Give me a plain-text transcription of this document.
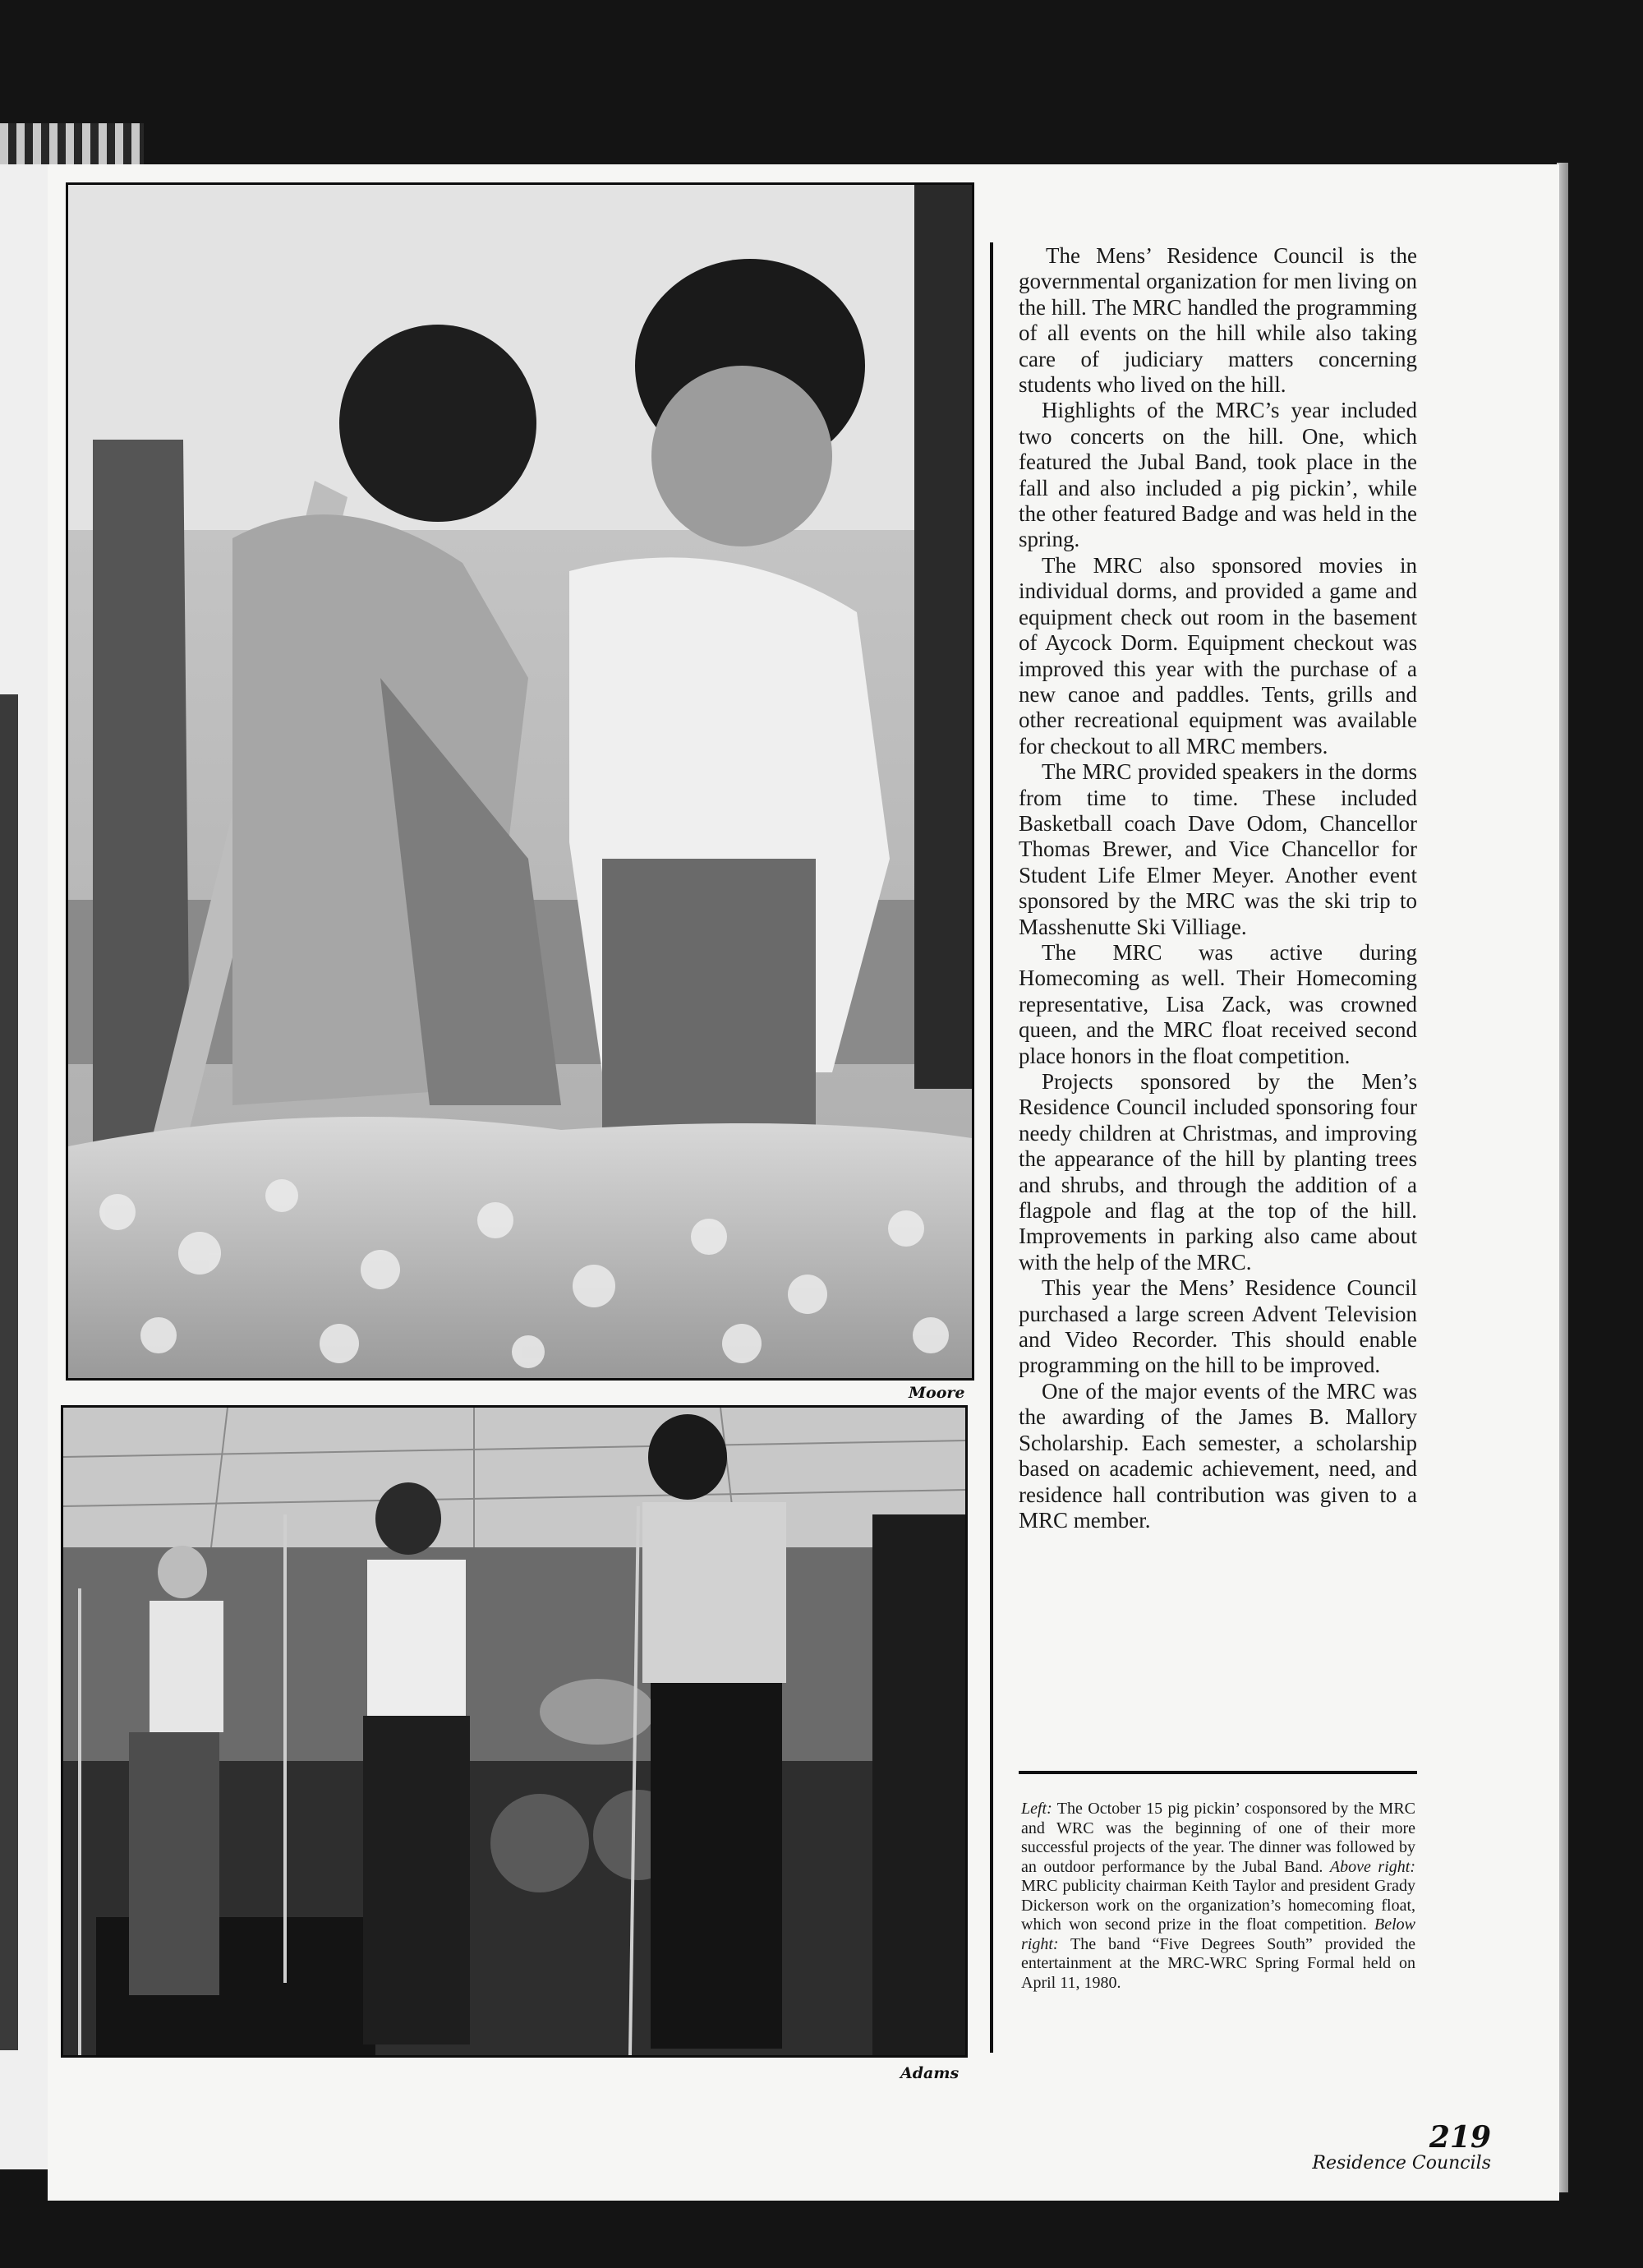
Moore
Adams

The Mens’ Residence Council is the governmental organization for men living on the hill. The MRC handled the programming of all events on the hill while also taking care of judiciary matters concerning students who lived on the hill.

Highlights of the MRC’s year included two concerts on the hill. One, which featured the Jubal Band, took place in the fall and also included a pig pickin’, while the other featured Badge and was held in the spring.

The MRC also sponsored movies in individual dorms, and provided a game and equipment check out room in the basement of Aycock Dorm. Equipment checkout was improved this year with the purchase of a new canoe and paddles. Tents, grills and other recreational equipment was available for checkout to all MRC members.

The MRC provided speakers in the dorms from time to time. These included Basketball coach Dave Odom, Chancellor Thomas Brewer, and Vice Chancellor for Student Life Elmer Meyer. Another event sponsored by the MRC was the ski trip to Masshenutte Ski Villiage.

The MRC was active during Homecoming as well. Their Homecoming representative, Lisa Zack, was crowned queen, and the MRC float received second place honors in the float competition.

Projects sponsored by the Men’s Residence Council included sponsoring four needy children at Christmas, and improving the appearance of the hill by planting trees and shrubs, and through the addition of a flagpole and flag at the top of the hill. Improvements in parking also came about with the help of the MRC.

This year the Mens’ Residence Council purchased a large screen Advent Television and Video Recorder. This should enable programming on the hill to be improved.

One of the major events of the MRC was the awarding of the James B. Mallory Scholarship. Each semester, a scholarship based on academic achievement, need, and residence hall contribution was given to a MRC member.

Left: The October 15 pig pickin’ cosponsored by the MRC and WRC was the beginning of one of their more successful projects of the year. The dinner was followed by an outdoor performance by the Jubal Band. Above right: MRC publicity chairman Keith Taylor and president Grady Dickerson work on the organization’s homecoming float, which won second prize in the float competition. Below right: The band “Five Degrees South” provided the entertainment at the MRC-WRC Spring Formal held on April 11, 1980.
219
Residence Councils
